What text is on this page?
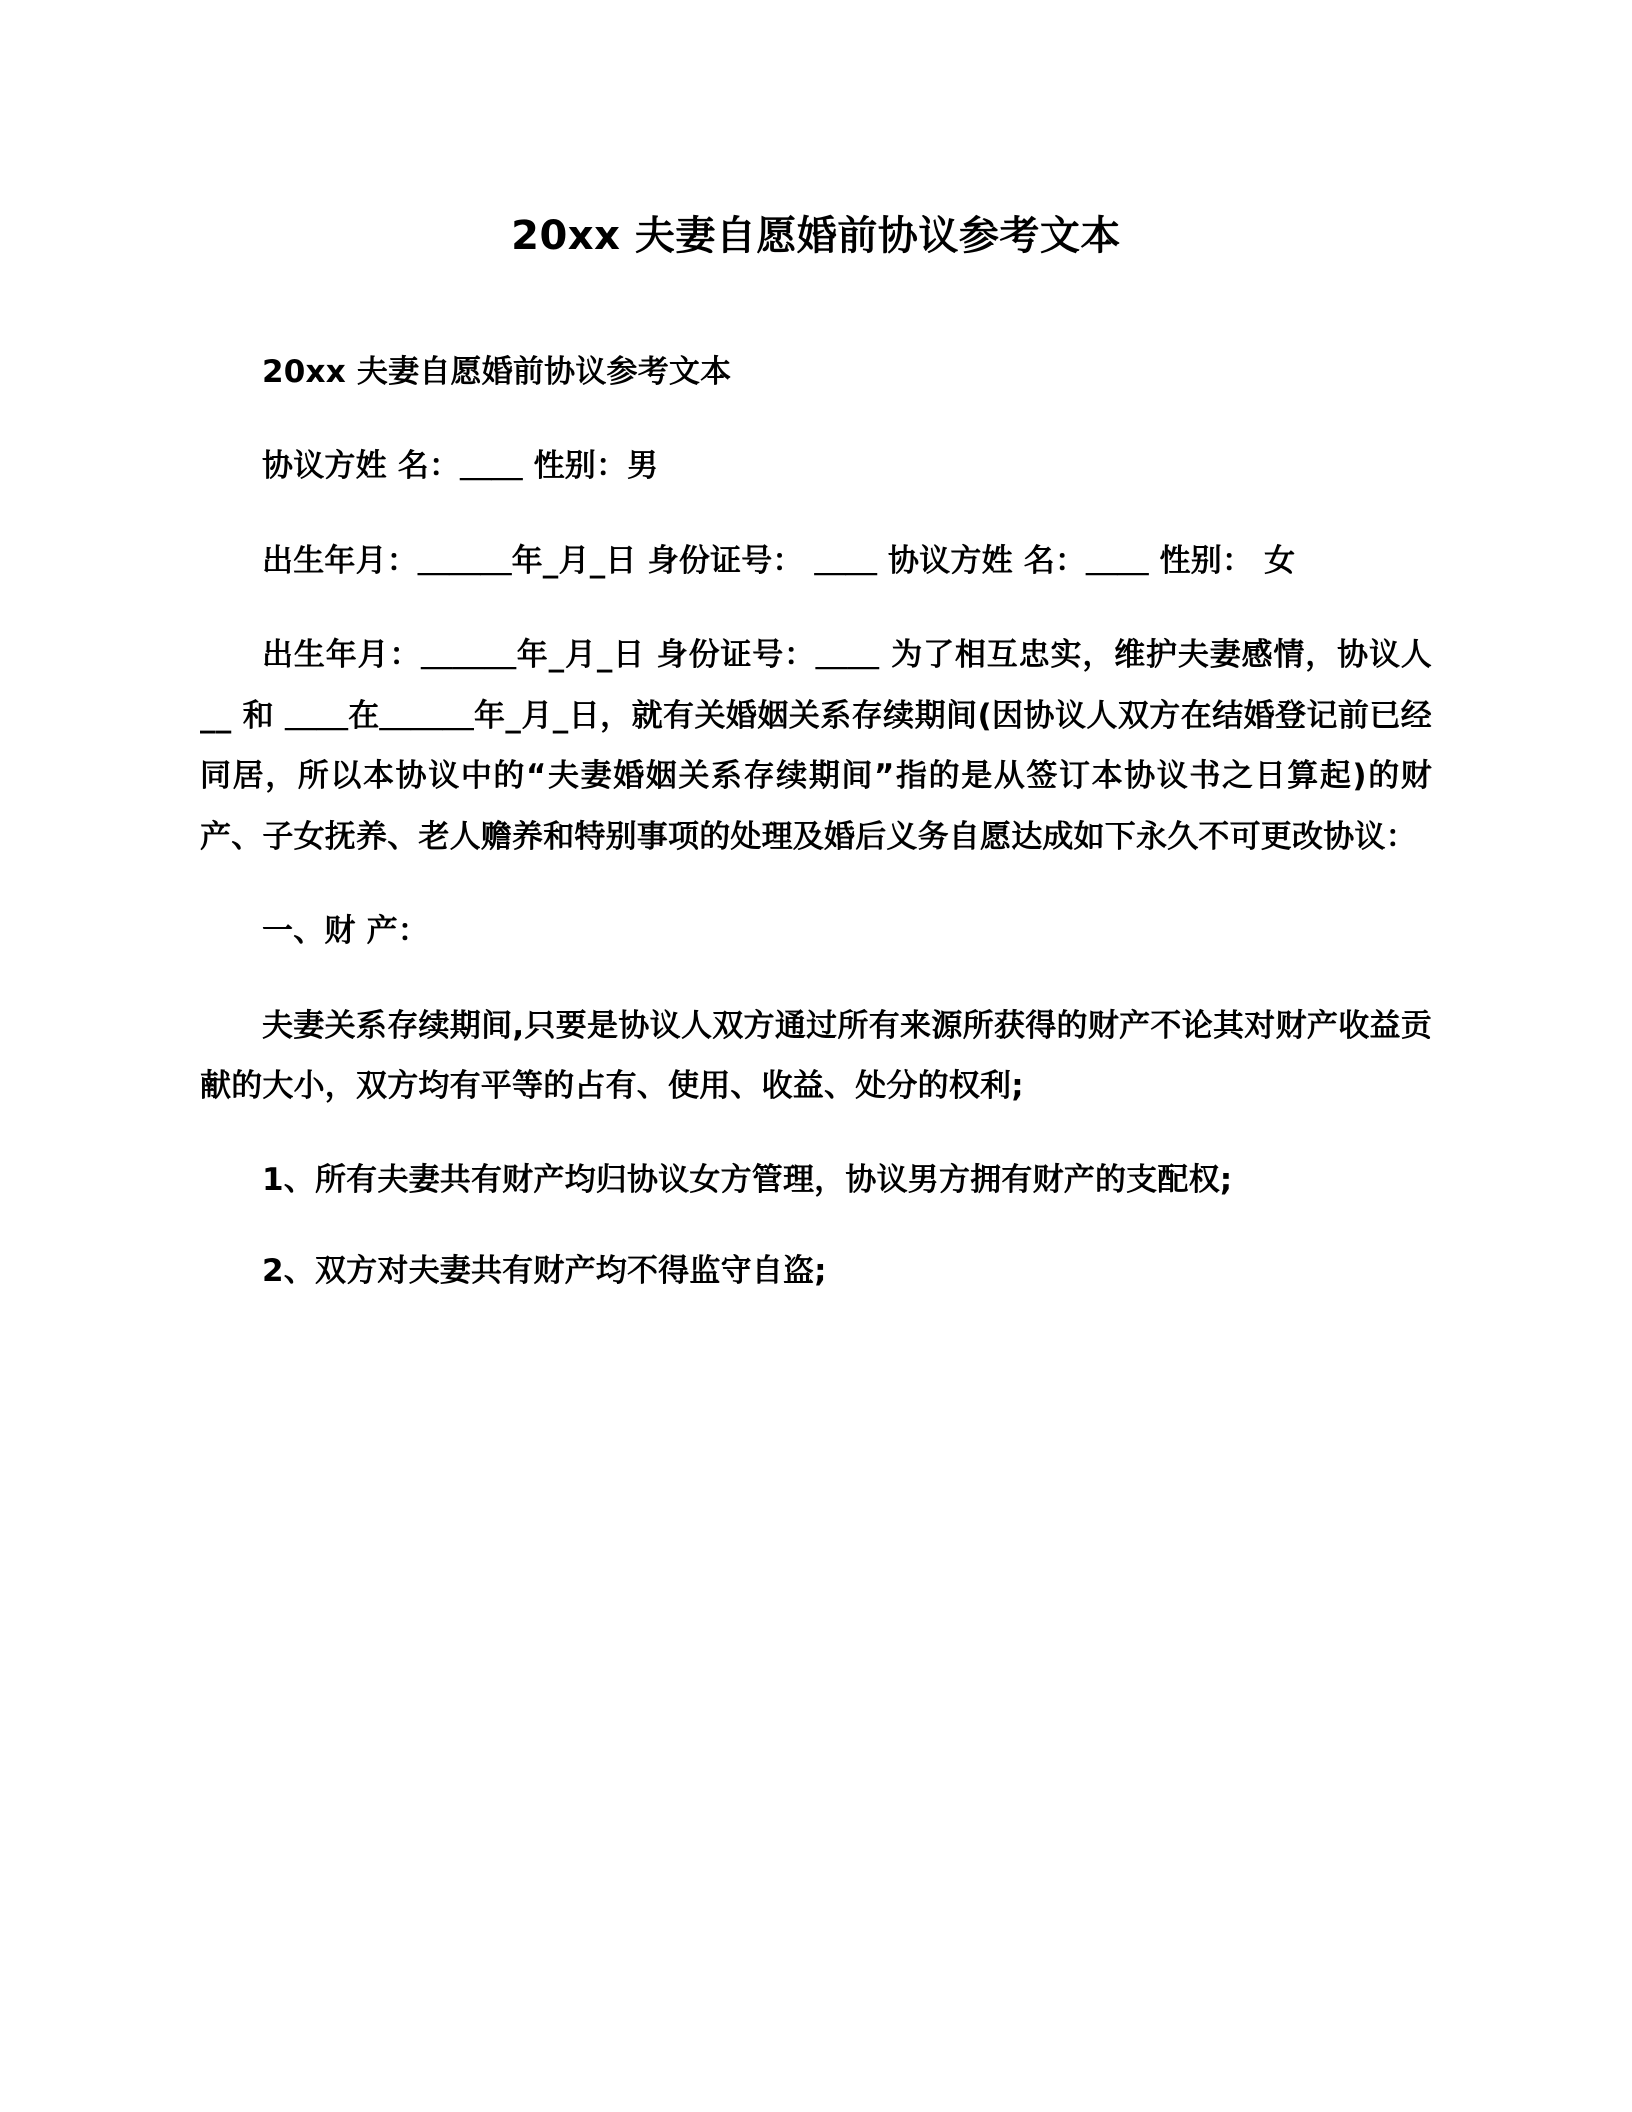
20xx 夫妻自愿婚前协议参考文本

20xx 夫妻自愿婚前协议参考文本

协议方姓 名：＿＿ 性别：男

出生年月：＿＿＿年_月_日 身份证号： ＿＿ 协议方姓 名：＿＿ 性别： 女

出生年月：＿＿＿年_月_日 身份证号：＿＿ 为了相互忠实，维护夫妻感情，协议人 __ 和 ＿＿在＿＿＿年_月_日，就有关婚姻关系存续期间(因协议人双方在结婚登记前已经同居，所以本协议中的“夫妻婚姻关系存续期间”指的是从签订本协议书之日算起)的财产、子女抚养、老人赡养和特别事项的处理及婚后义务自愿达成如下永久不可更改协议：

一、财 产：

夫妻关系存续期间,只要是协议人双方通过所有来源所获得的财产不论其对财产收益贡献的大小，双方均有平等的占有、使用、收益、处分的权利;

1、所有夫妻共有财产均归协议女方管理，协议男方拥有财产的支配权;

2、双方对夫妻共有财产均不得监守自盗;
